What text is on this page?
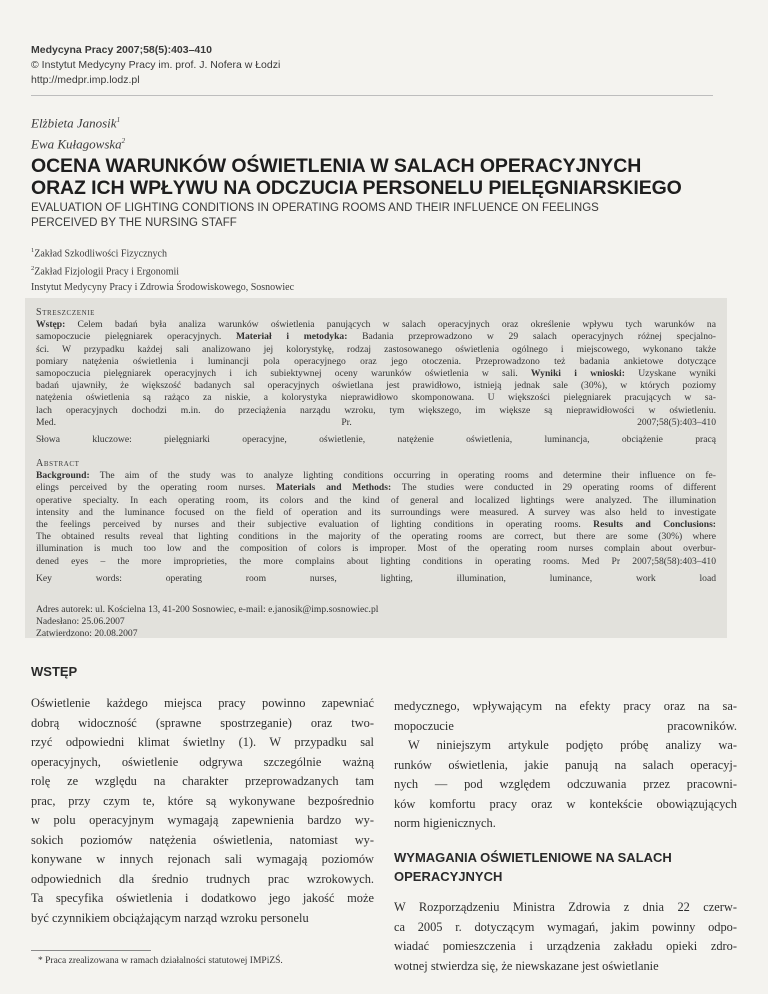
Medycyna Pracy 2007;58(5):403–410
© Instytut Medycyny Pracy im. prof. J. Nofera w Łodzi
http://medpr.imp.lodz.pl
Elżbieta Janosik$^1$
Ewa Kułagowska$^2$
OCENA WARUNKÓW OŚWIETLENIA W SALACH OPERACYJNYCH
ORAZ ICH WPŁYWU NA ODCZUCIA PERSONELU PIELĘGNIARSKIEGO
EVALUATION OF LIGHTING CONDITIONS IN OPERATING ROOMS AND THEIR INFLUENCE ON FEELINGS
PERCEIVED BY THE NURSING STAFF
$^1$Zakład Szkodliwości Fizycznych
$^2$Zakład Fizjologii Pracy i Ergonomii
Instytut Medycyny Pracy i Zdrowia Środowiskowego, Sosnowiec
Streszczenie
Wstęp: Celem badań była analiza warunków oświetlenia panujących w salach operacyjnych oraz określenie wpływu tych warunków na
samopoczucie pielęgniarek operacyjnych. Materiał i metodyka: Badania przeprowadzono w 29 salach operacyjnych różnej specjalno-
ści. W przypadku każdej sali analizowano jej kolorystykę, rodzaj zastosowanego oświetlenia ogólnego i miejscowego, wykonano także
pomiary natężenia oświetlenia i luminancji pola operacyjnego oraz jego otoczenia. Przeprowadzono też badania ankietowe dotyczące
samopoczucia pielęgniarek operacyjnych i ich subiektywnej oceny warunków oświetlenia w sali. Wyniki i wnioski: Uzyskane wyniki
badań ujawniły, że większość badanych sal operacyjnych oświetlana jest prawidłowo, istnieją jednak sale (30%), w których poziomy
natężenia oświetlenia są rażąco za niskie, a kolorystyka nieprawidłowo skomponowana. U większości pielęgniarek pracujących w sa-
lach operacyjnych dochodzi m.in. do przeciążenia narządu wzroku, tym większego, im większe są nieprawidłowości w oświetleniu.
Med. Pr. 2007;58(5):403–410
Słowa kluczowe: pielęgniarki operacyjne, oświetlenie, natężenie oświetlenia, luminancja, obciążenie pracą
Abstract
Background: The aim of the study was to analyze lighting conditions occurring in operating rooms and determine their influence on fe-
elings perceived by the operating room nurses. Materials and Methods: The studies were conducted in 29 operating rooms of different
operative specialty. In each operating room, its colors and the kind of general and localized lightings were analyzed. The illumination
intensity and the luminance focused on the field of operation and its surroundings were measured. A survey was also held to investigate
the feelings perceived by nurses and their subjective evaluation of lighting conditions in operating rooms. Results and Conclusions:
The obtained results reveal that lighting conditions in the majority of the operating rooms are correct, but there are some (30%) where
illumination is much too low and the composition of colors is improper. Most of the operating room nurses complain about overbur-
dened eyes – the more improprieties, the more complains about lighting conditions in operating rooms. Med Pr 2007;58(58):403–410
Key words: operating room nurses, lighting, illumination, luminance, work load
Adres autorek: ul. Kościelna 13, 41-200 Sosnowiec, e-mail: e.janosik@imp.sosnowiec.pl
Nadesłano: 25.06.2007
Zatwierdzono: 20.08.2007
WSTĘP
Oświetlenie każdego miejsca pracy powinno zapewniać
dobrą widoczność (sprawne spostrzeganie) oraz two-
rzyć odpowiedni klimat świetlny (1). W przypadku sal
operacyjnych, oświetlenie odgrywa szczególnie ważną
rolę ze względu na charakter przeprowadzanych tam
prac, przy czym te, które są wykonywane bezpośrednio
w polu operacyjnym wymagają zapewnienia bardzo wy-
sokich poziomów natężenia oświetlenia, natomiast wy-
konywane w innych rejonach sali wymagają poziomów
odpowiednich dla średnio trudnych prac wzrokowych.
Ta specyfika oświetlenia i dodatkowo jego jakość może
być czynnikiem obciążającym narząd wzroku personelu
medycznego, wpływającym na efekty pracy oraz na sa-
mopoczucie pracowników.
W niniejszym artykule podjęto próbę analizy wa-
runków oświetlenia, jakie panują na salach operacyj-
nych — pod względem odczuwania przez pracowni-
ków komfortu pracy oraz w kontekście obowiązujących
norm higienicznych.
WYMAGANIA OŚWIETLENIOWE NA SALACH
OPERACYJNYCH
W Rozporządzeniu Ministra Zdrowia z dnia 22 czerw-
ca 2005 r. dotyczącym wymagań, jakim powinny odpo-
wiadać pomieszczenia i urządzenia zakładu opieki zdro-
wotnej stwierdza się, że niewskazane jest oświetlanie
* Praca zrealizowana w ramach działalności statutowej IMPiZŚ.
